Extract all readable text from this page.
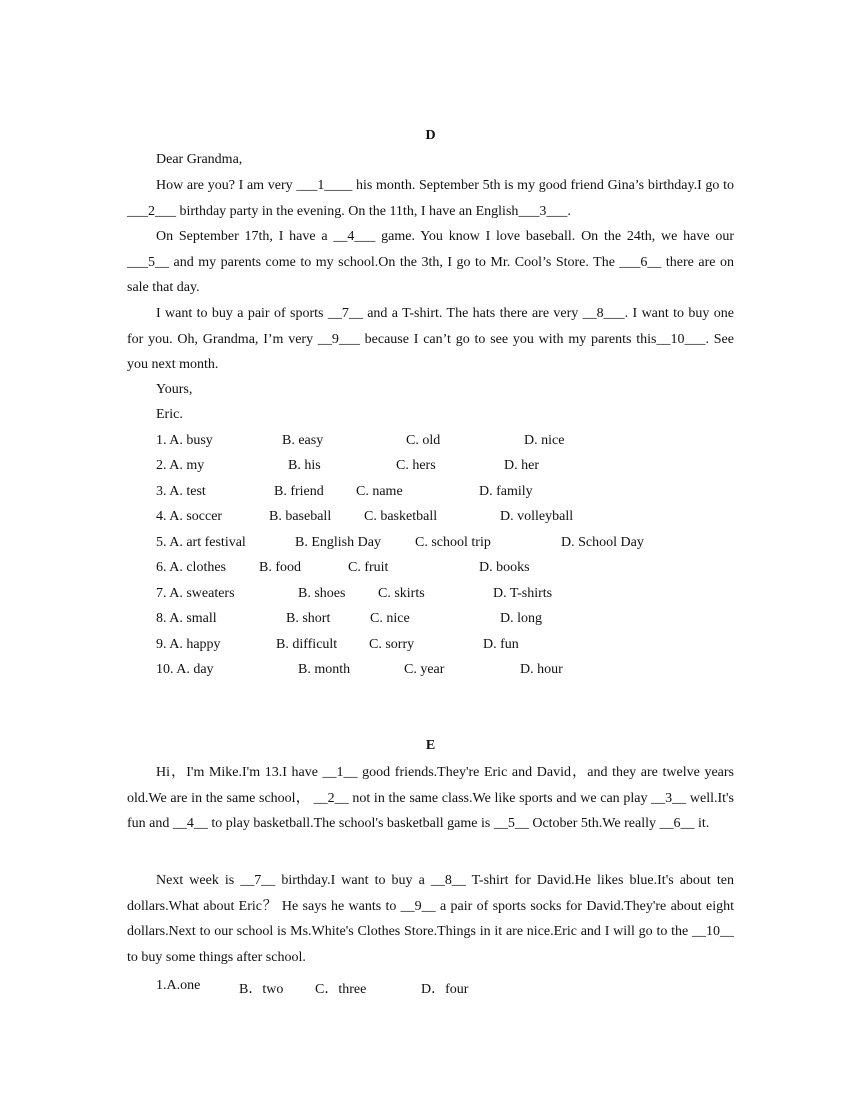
D
Dear Grandma,
How are you? I am very ___1____ his month. September 5th is my good friend Gina’s birthday.I go to ___2___ birthday party in the evening. On the 11th, I have an English___3___.
On September 17th, I have a __4___ game. You know I love baseball. On the 24th, we have our ___5__ and my parents come to my school.On the 3th, I go to Mr. Cool’s Store. The ___6__ there are on sale that day.
I want to buy a pair of sports __7__ and a T-shirt. The hats there are very __8___. I want to buy one for you. Oh, Grandma, I’m very __9___ because I can’t go to see you with my parents this__10___. See you next month.
Yours,
Eric.
1. A. busy	B. easy	C. old	D. nice
2. A. my	B. his	C. hers	D. her
3. A. test	B. friend C. name	D. family
4. A. soccer	B. baseball C. basketball	D. volleyball
5. A. art festival	B. English Day C. school trip	D. School Day
6. A. clothes B. food	C. fruit	D. books
7. A. sweaters	B. shoes C. skirts	D. T-shirts
8. A. small	B. short	C. nice	D. long
9. A. happy	B. difficult C. sorry	D. fun
10. A. day	B. month	C. year	D. hour
E
Hi，I'm Mike.I'm 13.I have __1__ good friends.They're Eric and David，and they are twelve years old.We are in the same school， __2__ not in the same class.We like sports and we can play __3__ well.It's fun and __4__ to play basketball.The school's basketball game is __5__ October 5th.We really __6__ it.
Next week is __7__ birthday.I want to buy a __8__ T-shirt for David.He likes blue.It's about ten dollars.What about Eric？ He says he wants to __9__ a pair of sports socks for David.They're about eight dollars.Next to our school is Ms.White's Clothes Store.Things in it are nice.Eric and I will go to the __10__ to buy some things after school.
1.A.one	B．two C．three	D．four
